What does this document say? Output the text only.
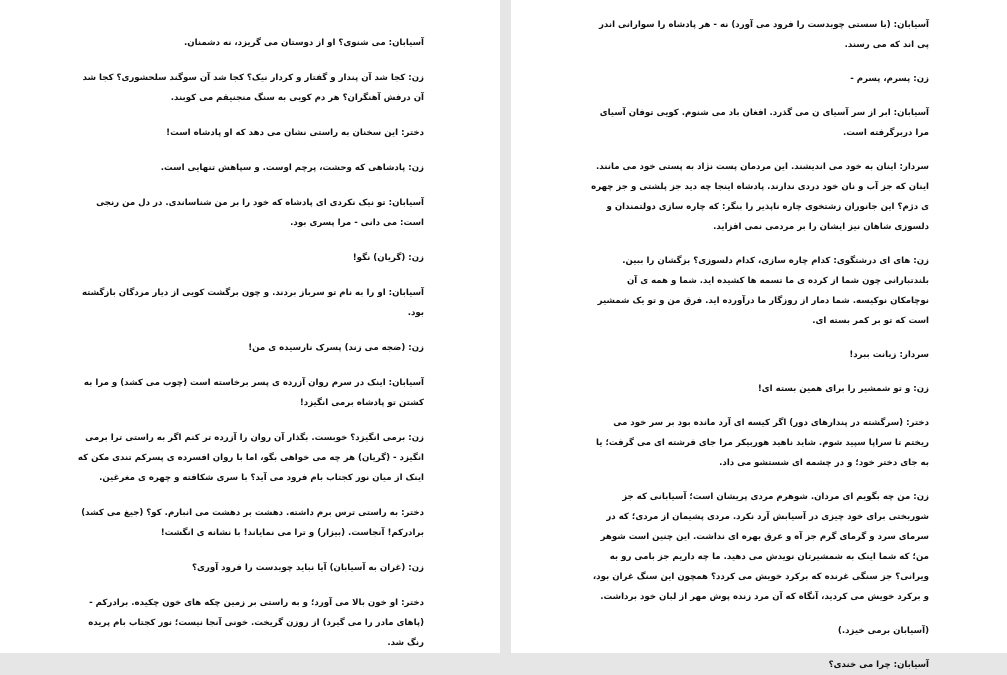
آسیابان: می شنوی؟ او از دوستان می گریزد، نه دشمنان.

زن: کجا شد آن پندار و گفتار و کردار نیک؟ کجا شد آن سوگند سلحشوری؟ کجا شد آن درفش آهنگران؟ هر دم کویی به سنگ منجنیقم می کوبند.

دختر: این سخنان به راستی نشان می دهد که او پادشاه است!

زن: پادشاهی که وحشت، پرچم اوست. و سپاهش تنهایی است.

آسیابان: تو نیک نکردی ای پادشاه که خود را بر من شناساندی. در دل من رنجی است: می دانی - مرا پسری بود.

زن: (گریان) نگو!

آسیابان: او را به نام تو سرباز بردند. و چون برگشت کویی از دیار مردگان بازگشته بود.

زن: (ضجه می زند) پسرک نارسیده ی من!

آسیابان: اینک در سرم روان آزرده ی پسر برخاسته است (چوب می کشد) و مرا به کشتن تو پادشاه برمی انگیزد!

زن: برمی انگیزد؟ خوبست. بگذار آن روان را آزرده تر کنم اگر به راستی ترا برمی انگیزد - (گریان) هر چه می خواهی بگو، اما با روان افسرده ی پسرکم تندی مکن که اینک از میان نور کجتاب بام فرود می آید؟ با سری شکافته و چهره ی مغرغین.

دختر: به راستی ترس برم داشته. دهشت بر دهشت می انبارم. کو؟ (جیغ می کشد) برادرکم! آنجاست. (بیزار) و ترا می نمایاند! با نشانه ی انگشت!

زن: (غران به آسیابان) آیا نباید چوبدست را فرود آوری؟

دختر: او خون بالا می آورد؛ و به راستی بر زمین چکه های خون چکیده. برادرکم - (پاهای مادر را می گیرد) از روزن گریخت. خونی آنجا نیست؛ نور کجتاب بام پریده رنگ شد.

آسیابان: (با سستی چوبدست را فرود می آورد) نه - هر پادشاه را سوارانی اندر پی اند که می رسند.

زن: پسرم، پسرم -

آسیابان: ابر از سر آسیای ن می گذرد. افغان باد می شنوم. کویی توفان آسیای مرا دربرگرفته است.

سردار: اینان به خود می اندیشند. این مردمان پست نژاد به پستی خود می مانند. اینان که جز آب و نان خود دردی ندارند. پادشاه اینجا چه دید جز پلشتی و جز چهره ی دژم؟ این جانوران زشتخوی چاره ناپذیر را بنگر: که چاره سازی دولتمندان و دلسوزی شاهان نیز ایشان را بر مردمی نمی افزاید.

زن: های ای درشتگوی: کدام چاره سازی، کدام دلسوزی؟ بزگشان را ببین. بلندتبارانی چون شما از کرده ی ما تسمه ها کشیده اید. شما و همه ی آن نوچامکان نوکیسه. شما دمار از روزگار ما درآورده اید. فرق من و تو یک شمشیر است که تو بر کمر بسته ای.

سردار: زبانت ببرد!

زن: و تو شمشیر را برای همین بسته ای!

دختر: (سرگشته در پندارهای دور) اگر کیسه ای آرد مانده بود بر سر خود می ریختم تا سراپا سپید شوم. شاید ناهید هوربیکر مرا جای فرشته ای می گرفت؛ یا به جای دختر خود؛ و در چشمه ای شستشو می داد.

زن: من چه بگویم ای مردان. شوهرم مردی پریشان است؛ آسیابانی که جز شوربختی برای خود چیزی در آسیابش آرد نکرد. مردی پشیمان از مردی؛ که در سرمای سرد و گرمای گرم جز آه و عرق بهره ای نداشت. این چنین است شوهر من؛ که شما اینک به شمشیرتان نویدش می دهید. ما چه داریم جز بامی رو به ویرانی؟ جز سنگی غرنده که برکرد خویش می کردد؟ همچون این سنگ غران بود، و برکرد خویش می کردید، آنگاه که آن مرد زنده پوش مهر از لبان خود برداشت.

(آسیابان برمی خیزد.)

آسیابان: چرا می خندی؟
